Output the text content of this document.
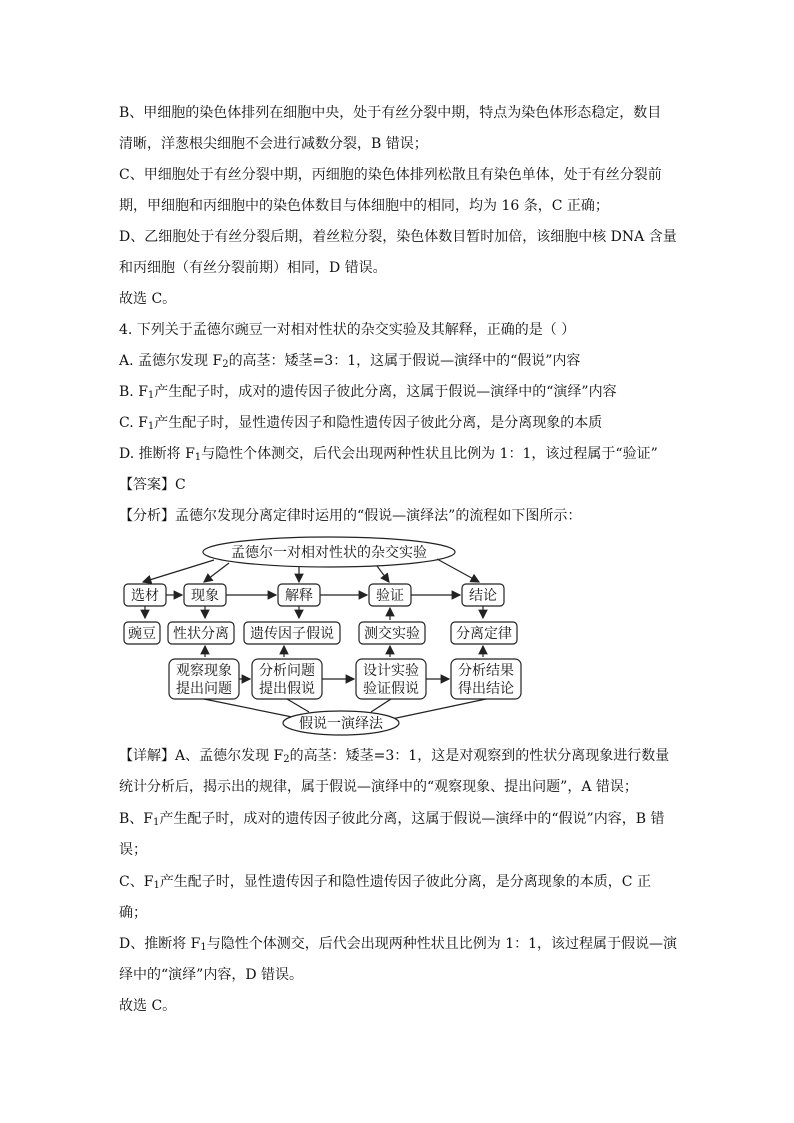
B、甲细胞的染色体排列在细胞中央，处于有丝分裂中期，特点为染色体形态稳定，数目
清晰，洋葱根尖细胞不会进行减数分裂，B 错误；
C、甲细胞处于有丝分裂中期，丙细胞的染色体排列松散且有染色单体，处于有丝分裂前
期，甲细胞和丙细胞中的染色体数目与体细胞中的相同，均为 16 条，C 正确；
D、乙细胞处于有丝分裂后期，着丝粒分裂，染色体数目暂时加倍，该细胞中核 DNA 含量
和丙细胞（有丝分裂前期）相同，D 错误。
故选 C。
4. 下列关于孟德尔豌豆一对相对性状的杂交实验及其解释，正确的是（ ）
A. 孟德尔发现 $F_2$的高茎：矮茎=3：1，这属于假说—演绎中的“假说”内容
B. $F_1$产生配子时，成对的遗传因子彼此分离，这属于假说—演绎中的“演绎”内容
C. $F_1$产生配子时，显性遗传因子和隐性遗传因子彼此分离，是分离现象的本质
D. 推断将 $F_1$与隐性个体测交，后代会出现两种性状且比例为 1：1，该过程属于“验证”
【答案】C
【分析】孟德尔发现分离定律时运用的“假说—演绎法”的流程如下图所示：
孟德尔一对相对性状的杂交实验
选材 现象	解释	验证	结论
豌豆 性状分离 遗传因子假说 测交实验	分离定律
观察现象
提出问题
分析问题
提出假说
设计实验
验证假说
分析结果
得出结论
假说一演绎法
【详解】A、孟德尔发现 $F_2$的高茎：矮茎=3：1，这是对观察到的性状分离现象进行数量
统计分析后，揭示出的规律，属于假说—演绎中的“观察现象、提出问题”，A 错误；
B、$F_1$产生配子时，成对的遗传因子彼此分离，这属于假说—演绎中的“假说”内容，B 错
误；
C、$F_1$产生配子时，显性遗传因子和隐性遗传因子彼此分离，是分离现象的本质，C 正
确；
D、推断将 $F_1$与隐性个体测交，后代会出现两种性状且比例为 1：1，该过程属于假说—演
绎中的“演绎”内容，D 错误。
故选 C。
